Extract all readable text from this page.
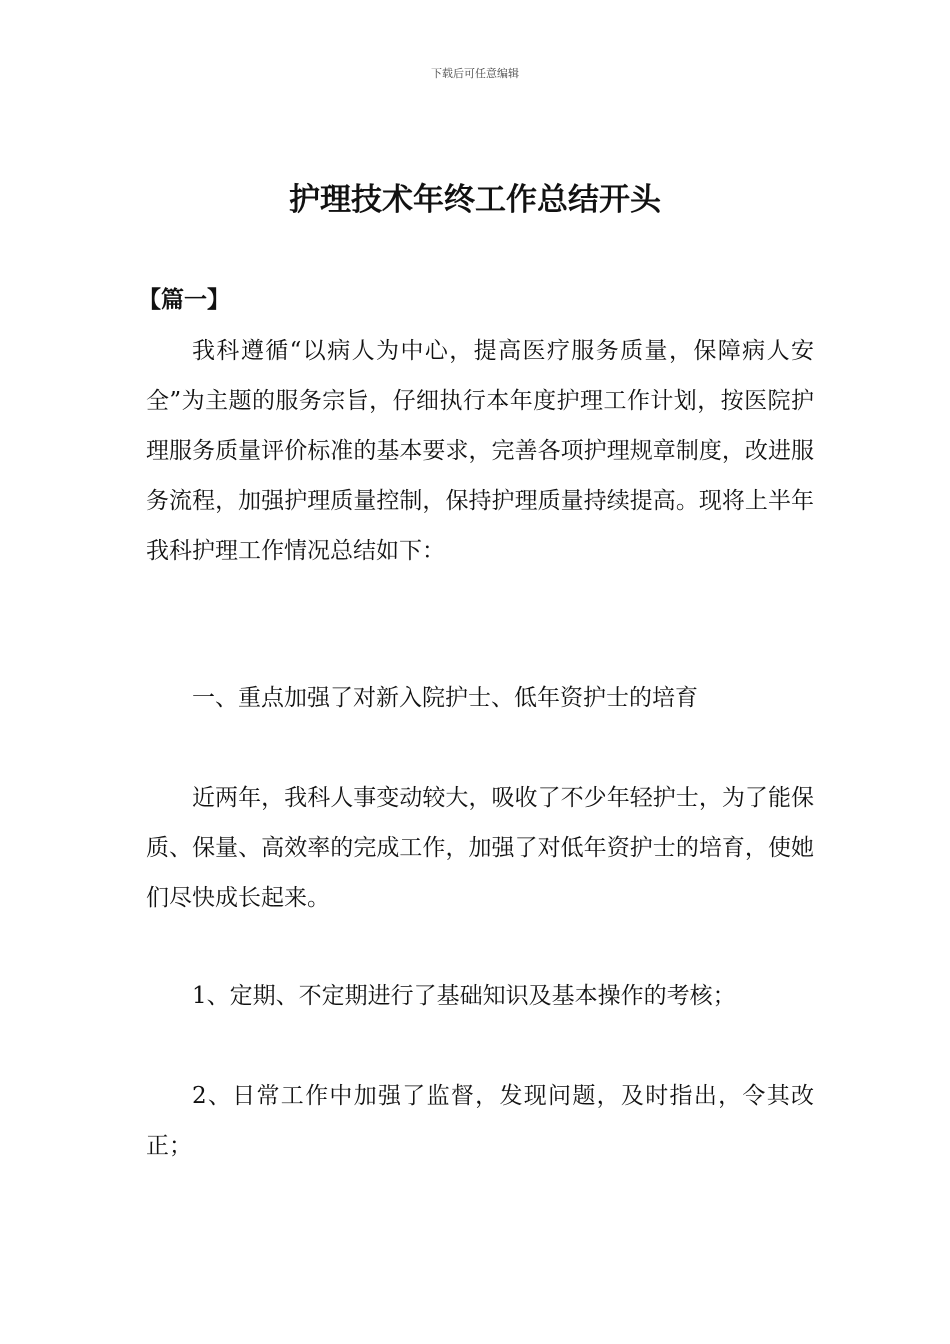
下载后可任意编辑
护理技术年终工作总结开头
【篇一】

我科遵循“以病人为中心，提高医疗服务质量，保障病人安全”为主题的服务宗旨，仔细执行本年度护理工作计划，按医院护理服务质量评价标准的基本要求，完善各项护理规章制度，改进服务流程，加强护理质量控制，保持护理质量持续提高。现将上半年我科护理工作情况总结如下：

一、重点加强了对新入院护士、低年资护士的培育

近两年，我科人事变动较大，吸收了不少年轻护士，为了能保质、保量、高效率的完成工作，加强了对低年资护士的培育，使她们尽快成长起来。

1、定期、不定期进行了基础知识及基本操作的考核；

2、日常工作中加强了监督，发现问题，及时指出，令其改正；
